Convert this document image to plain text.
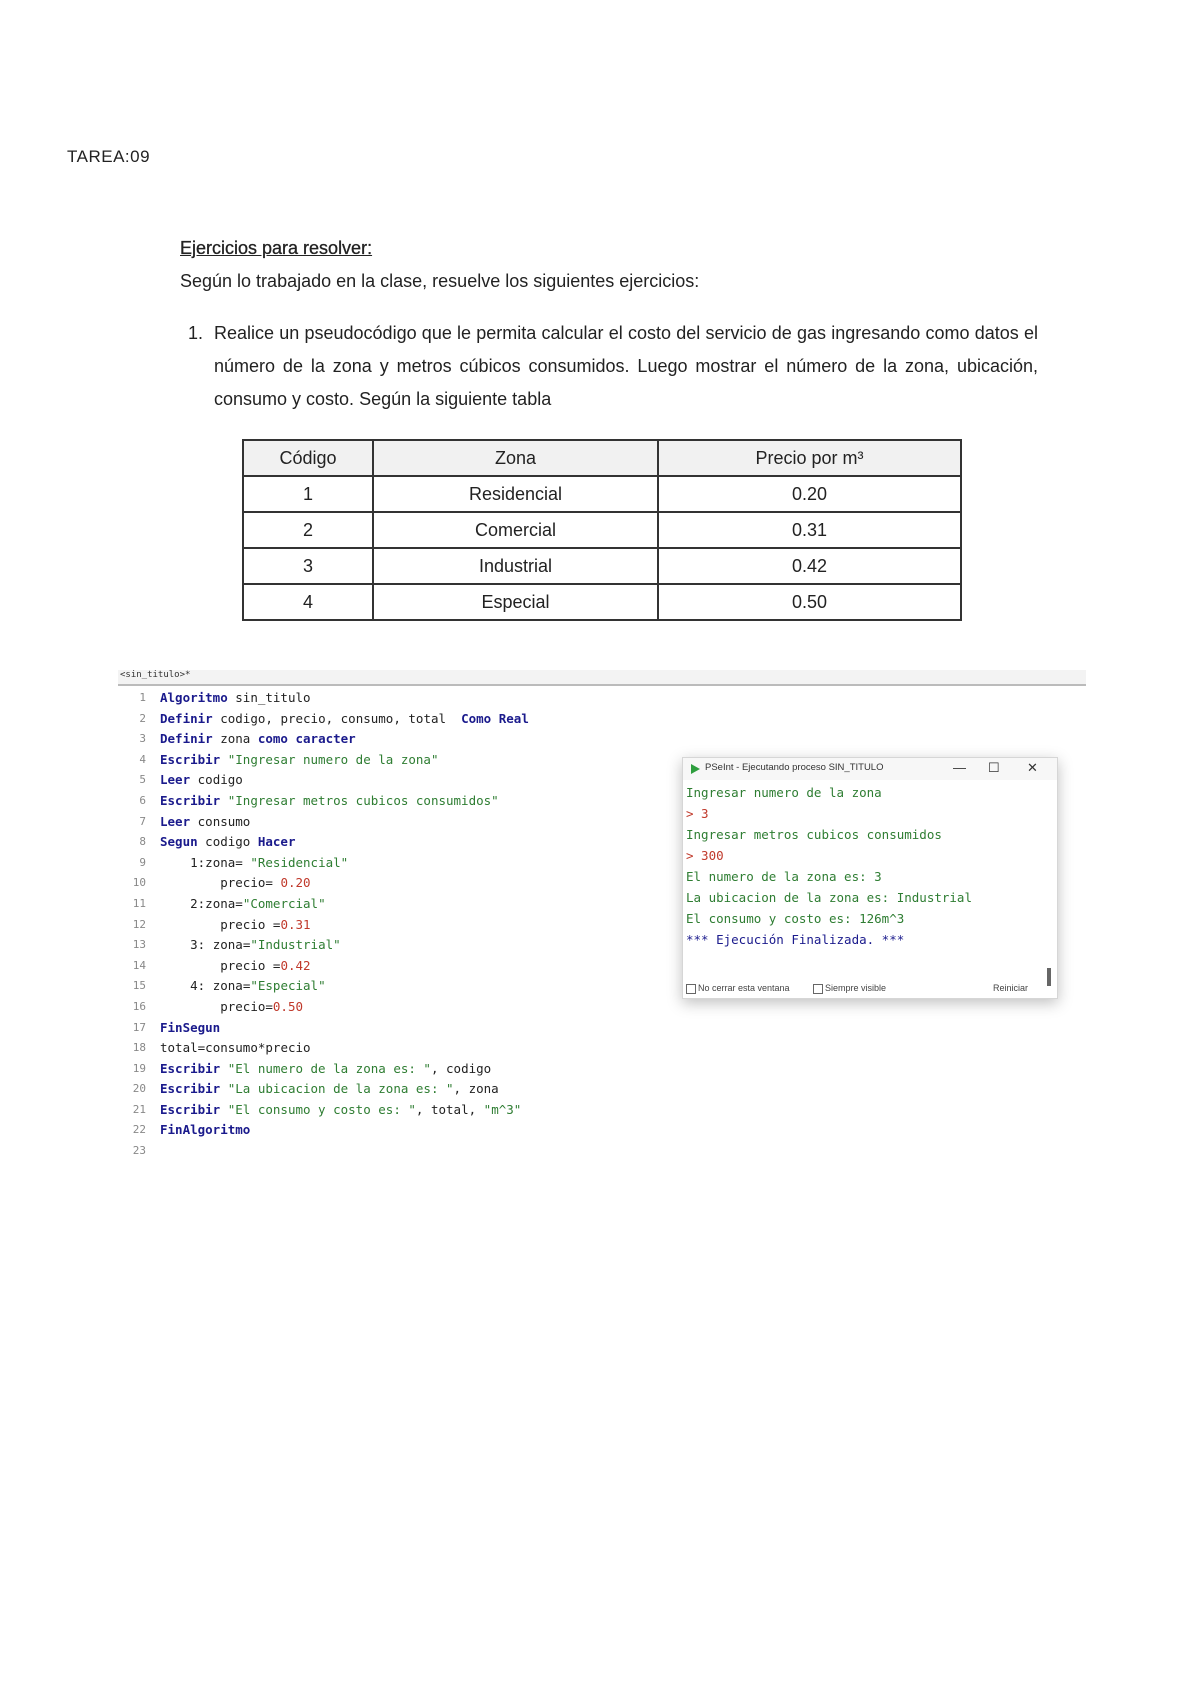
TAREA:09
Ejercicios para resolver:
Según lo trabajado en la clase, resuelve los siguientes ejercicios:
1. Realice un pseudocódigo que le permita calcular el costo del servicio de gas ingresando como datos el número de la zona y metros cúbicos consumidos. Luego mostrar el número de la zona, ubicación, consumo y costo. Según la siguiente tabla
Código	Zona	Precio por m³
1	Residencial	0.20
2	Comercial	0.31
3	Industrial	0.42
4	Especial	0.50
<sin_titulo>*
1 Algoritmo sin_titulo
2 Definir codigo, precio, consumo, total Como Real
3 Definir zona como caracter
4 Escribir "Ingresar numero de la zona"
5 Leer codigo
6 Escribir "Ingresar metros cubicos consumidos"
7 Leer consumo
8 Segun codigo Hacer
9	1:zona= "Residencial"
10	precio= 0.20
11	2:zona="Comercial"
12	precio =0.31
13	3: zona="Industrial"
14	precio =0.42
15	4: zona="Especial"
16	precio=0.50
17 FinSegun
18 total=consumo*precio
19 Escribir "El numero de la zona es: ", codigo
20 Escribir "La ubicacion de la zona es: ", zona
21 Escribir "El consumo y costo es: ", total, "m^3"
22 FinAlgoritmo
23
PSeInt - Ejecutando proceso SIN_TITULO	— ☐ ✕
Ingresar numero de la zona
> 3
Ingresar metros cubicos consumidos
> 300
El numero de la zona es: 3
La ubicacion de la zona es: Industrial
El consumo y costo es: 126m^3
*** Ejecución Finalizada. ***
No cerrar esta ventana	Siempre visible	Reiniciar
